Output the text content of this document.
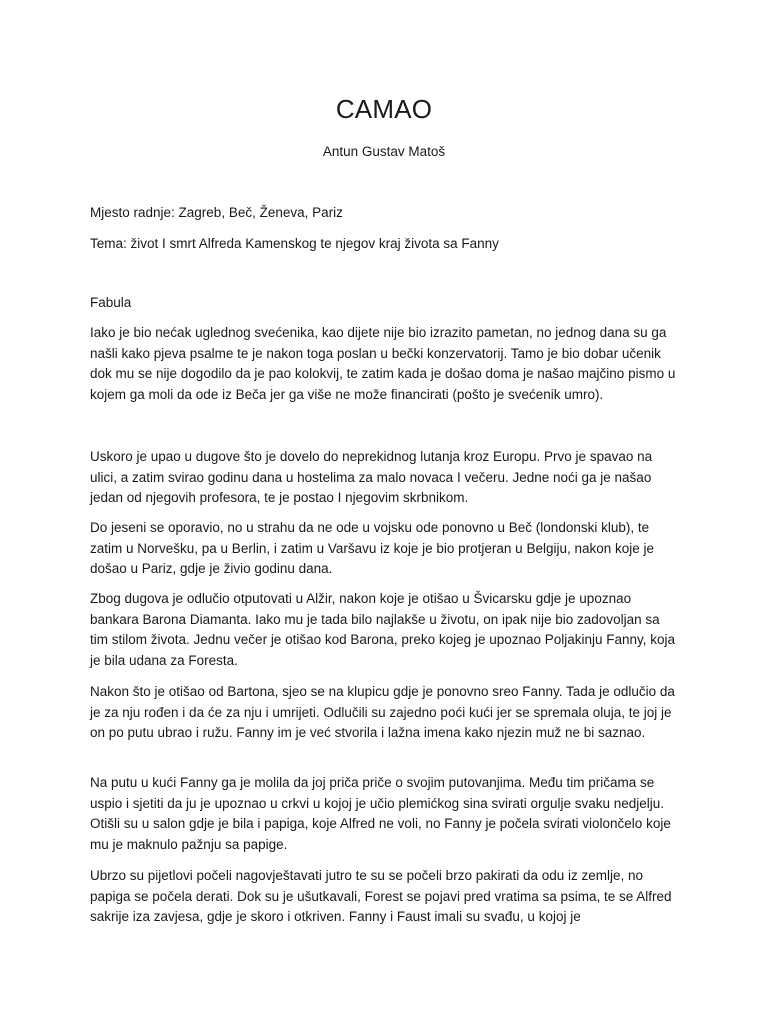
CAMAO
Antun Gustav Matoš

Mjesto radnje: Zagreb, Beč, Ženeva, Pariz

Tema: život I smrt Alfreda Kamenskog te njegov kraj života sa Fanny

Fabula

Iako je bio nećak uglednog svećenika, kao dijete nije bio izrazito pametan, no jednog dana su ga našli kako pjeva psalme te je nakon toga poslan u bečki konzervatorij. Tamo je bio dobar učenik dok mu se nije dogodilo da je pao kolokvij, te zatim kada je došao doma je našao majčino pismo u kojem ga moli da ode iz Beča jer ga više ne može financirati (pošto je svećenik umro).

Uskoro je upao u dugove što je dovelo do neprekidnog lutanja kroz Europu. Prvo je spavao na ulici, a zatim svirao godinu dana u hostelima za malo novaca I večeru. Jedne noći ga je našao jedan od njegovih profesora, te je postao I njegovim skrbnikom.

Do jeseni se oporavio, no u strahu da ne ode u vojsku ode ponovno u Beč (londonski klub), te zatim u Norvešku, pa u Berlin, i zatim u Varšavu iz koje je bio protjeran u Belgiju, nakon koje je došao u Pariz, gdje je živio godinu dana.

Zbog dugova je odlučio otputovati u Alžir, nakon koje je otišao u Švicarsku gdje je upoznao bankara Barona Diamanta. Iako mu je tada bilo najlakše u životu, on ipak nije bio zadovoljan sa tim stilom života. Jednu večer je otišao kod Barona, preko kojeg je upoznao Poljakinju Fanny, koja je bila udana za Foresta.

Nakon što je otišao od Bartona, sjeo se na klupicu gdje je ponovno sreo Fanny. Tada je odlučio da je za nju rođen i da će za nju i umrijeti. Odlučili su zajedno poći kući jer se spremala oluja, te joj je on po putu ubrao i ružu. Fanny im je već stvorila i lažna imena kako njezin muž ne bi saznao.

Na putu u kući Fanny ga je molila da joj priča priče o svojim putovanjima. Među tim pričama se uspio i sjetiti da ju je upoznao u crkvi u kojoj je učio plemićkog sina svirati orgulje svaku nedjelju. Otišli su u salon gdje je bila i papiga, koje Alfred ne voli, no Fanny je počela svirati violončelo koje mu je maknulo pažnju sa papige.

Ubrzo su pijetlovi počeli nagovještavati jutro te su se počeli brzo pakirati da odu iz zemlje, no papiga se počela derati. Dok su je ušutkavali, Forest se pojavi pred vratima sa psima, te se Alfred sakrije iza zavjesa, gdje je skoro i otkriven. Fanny i Faust imali su svađu, u kojoj je
